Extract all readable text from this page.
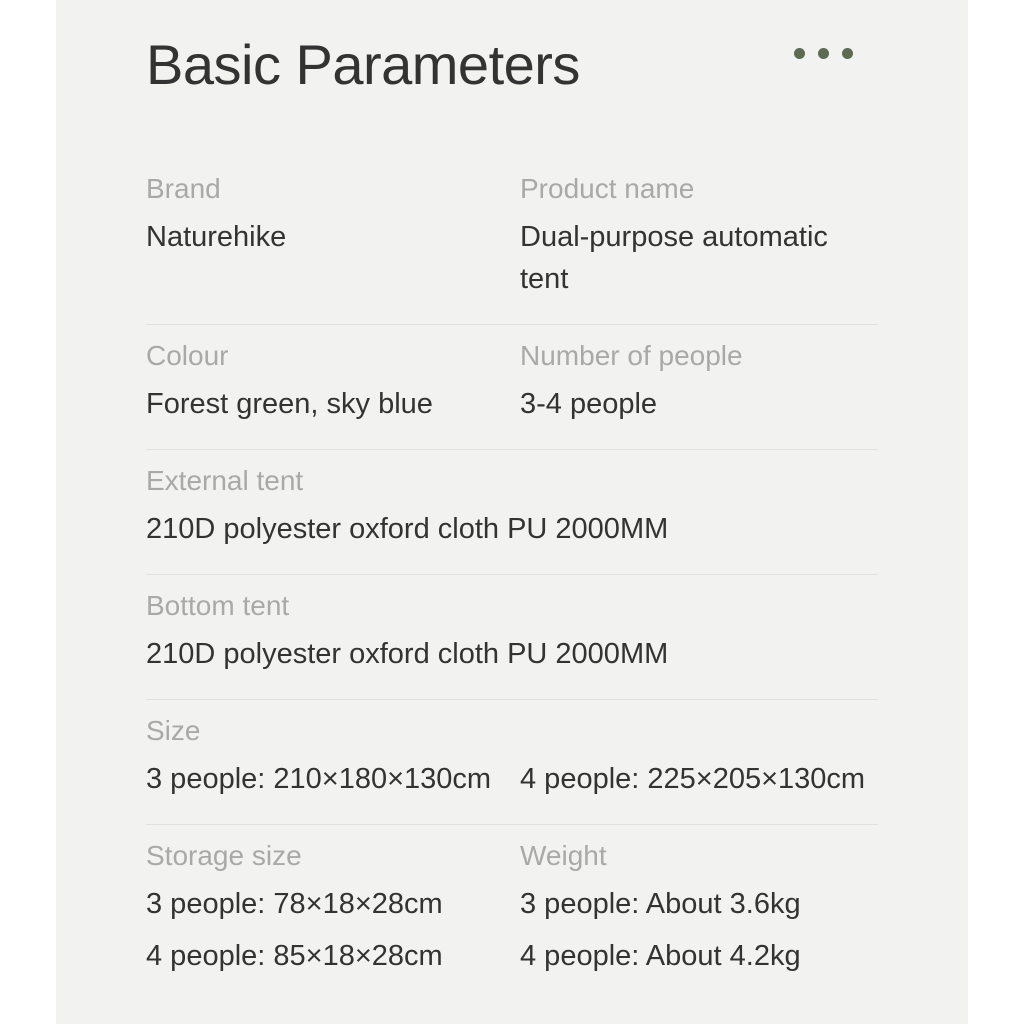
Basic Parameters
Brand
Naturehike
Product name
Dual-purpose automatic tent
Colour
Forest green, sky blue
Number of people
3-4 people
External tent
210D polyester oxford cloth PU 2000MM
Bottom tent
210D polyester oxford cloth PU 2000MM
Size
3 people: 210×180×130cm
4 people: 225×205×130cm
Storage size
3 people: 78×18×28cm
4 people: 85×18×28cm
Weight
3 people: About 3.6kg
4 people: About 4.2kg
